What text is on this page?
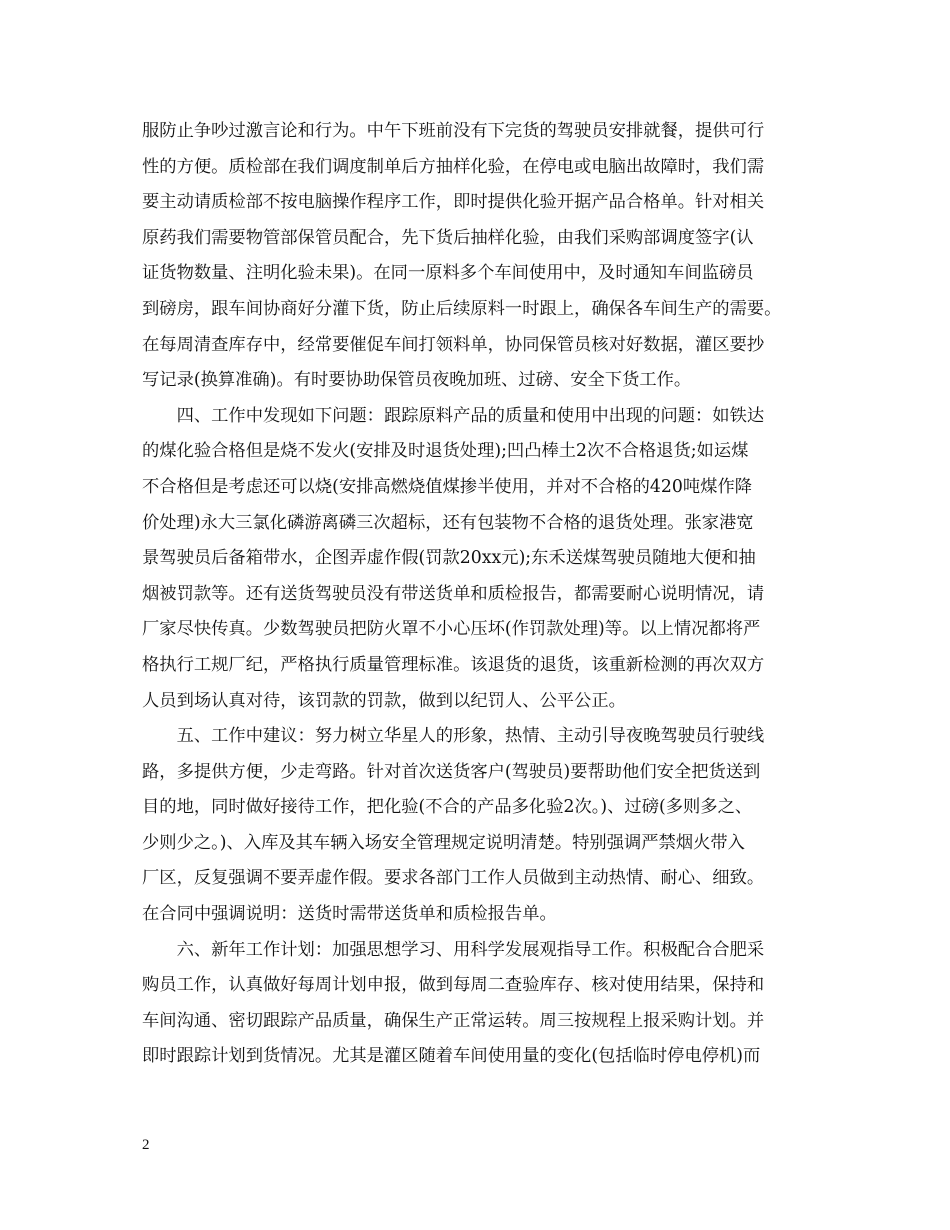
服防止争吵过激言论和行为。中午下班前没有下完货的驾驶员安排就餐，提供可行
性的方便。质检部在我们调度制单后方抽样化验，在停电或电脑出故障时，我们需
要主动请质检部不按电脑操作程序工作，即时提供化验开据产品合格单。针对相关
原药我们需要物管部保管员配合，先下货后抽样化验，由我们采购部调度签字(认
证货物数量、注明化验未果)。在同一原料多个车间使用中，及时通知车间监磅员
到磅房，跟车间协商好分灌下货，防止后续原料一时跟上，确保各车间生产的需要。
在每周清查库存中，经常要催促车间打领料单，协同保管员核对好数据，灌区要抄
写记录(换算准确)。有时要协助保管员夜晚加班、过磅、安全下货工作。
　　四、工作中发现如下问题：跟踪原料产品的质量和使用中出现的问题：如铁达
的煤化验合格但是烧不发火(安排及时退货处理);凹凸棒土2次不合格退货;如运煤
不合格但是考虑还可以烧(安排高燃烧值煤掺半使用，并对不合格的420吨煤作降
价处理)永大三氯化磷游离磷三次超标，还有包装物不合格的退货处理。张家港宽
景驾驶员后备箱带水，企图弄虚作假(罚款20xx元);东禾送煤驾驶员随地大便和抽
烟被罚款等。还有送货驾驶员没有带送货单和质检报告，都需要耐心说明情况，请
厂家尽快传真。少数驾驶员把防火罩不小心压坏(作罚款处理)等。以上情况都将严
格执行工规厂纪，严格执行质量管理标准。该退货的退货，该重新检测的再次双方
人员到场认真对待，该罚款的罚款，做到以纪罚人、公平公正。
　　五、工作中建议：努力树立华星人的形象，热情、主动引导夜晚驾驶员行驶线
路，多提供方便，少走弯路。针对首次送货客户(驾驶员)要帮助他们安全把货送到
目的地，同时做好接待工作，把化验(不合的产品多化验2次。)、过磅(多则多之、
少则少之。)、入库及其车辆入场安全管理规定说明清楚。特别强调严禁烟火带入
厂区，反复强调不要弄虚作假。要求各部门工作人员做到主动热情、耐心、细致。
在合同中强调说明：送货时需带送货单和质检报告单。
　　六、新年工作计划：加强思想学习、用科学发展观指导工作。积极配合合肥采
购员工作，认真做好每周计划申报，做到每周二查验库存、核对使用结果，保持和
车间沟通、密切跟踪产品质量，确保生产正常运转。周三按规程上报采购计划。并
即时跟踪计划到货情况。尤其是灌区随着车间使用量的变化(包括临时停电停机)而
2
